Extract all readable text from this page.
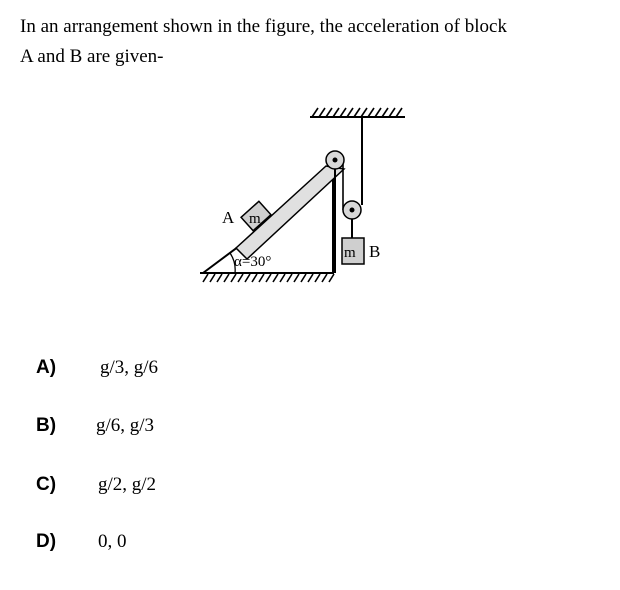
In an arrangement shown in the figure, the acceleration of block
A and B are given-
m
A
m B
α=30°
A)	g/3, g/6
B)	g/6, g/3
C)	g/2, g/2
D)	0, 0
